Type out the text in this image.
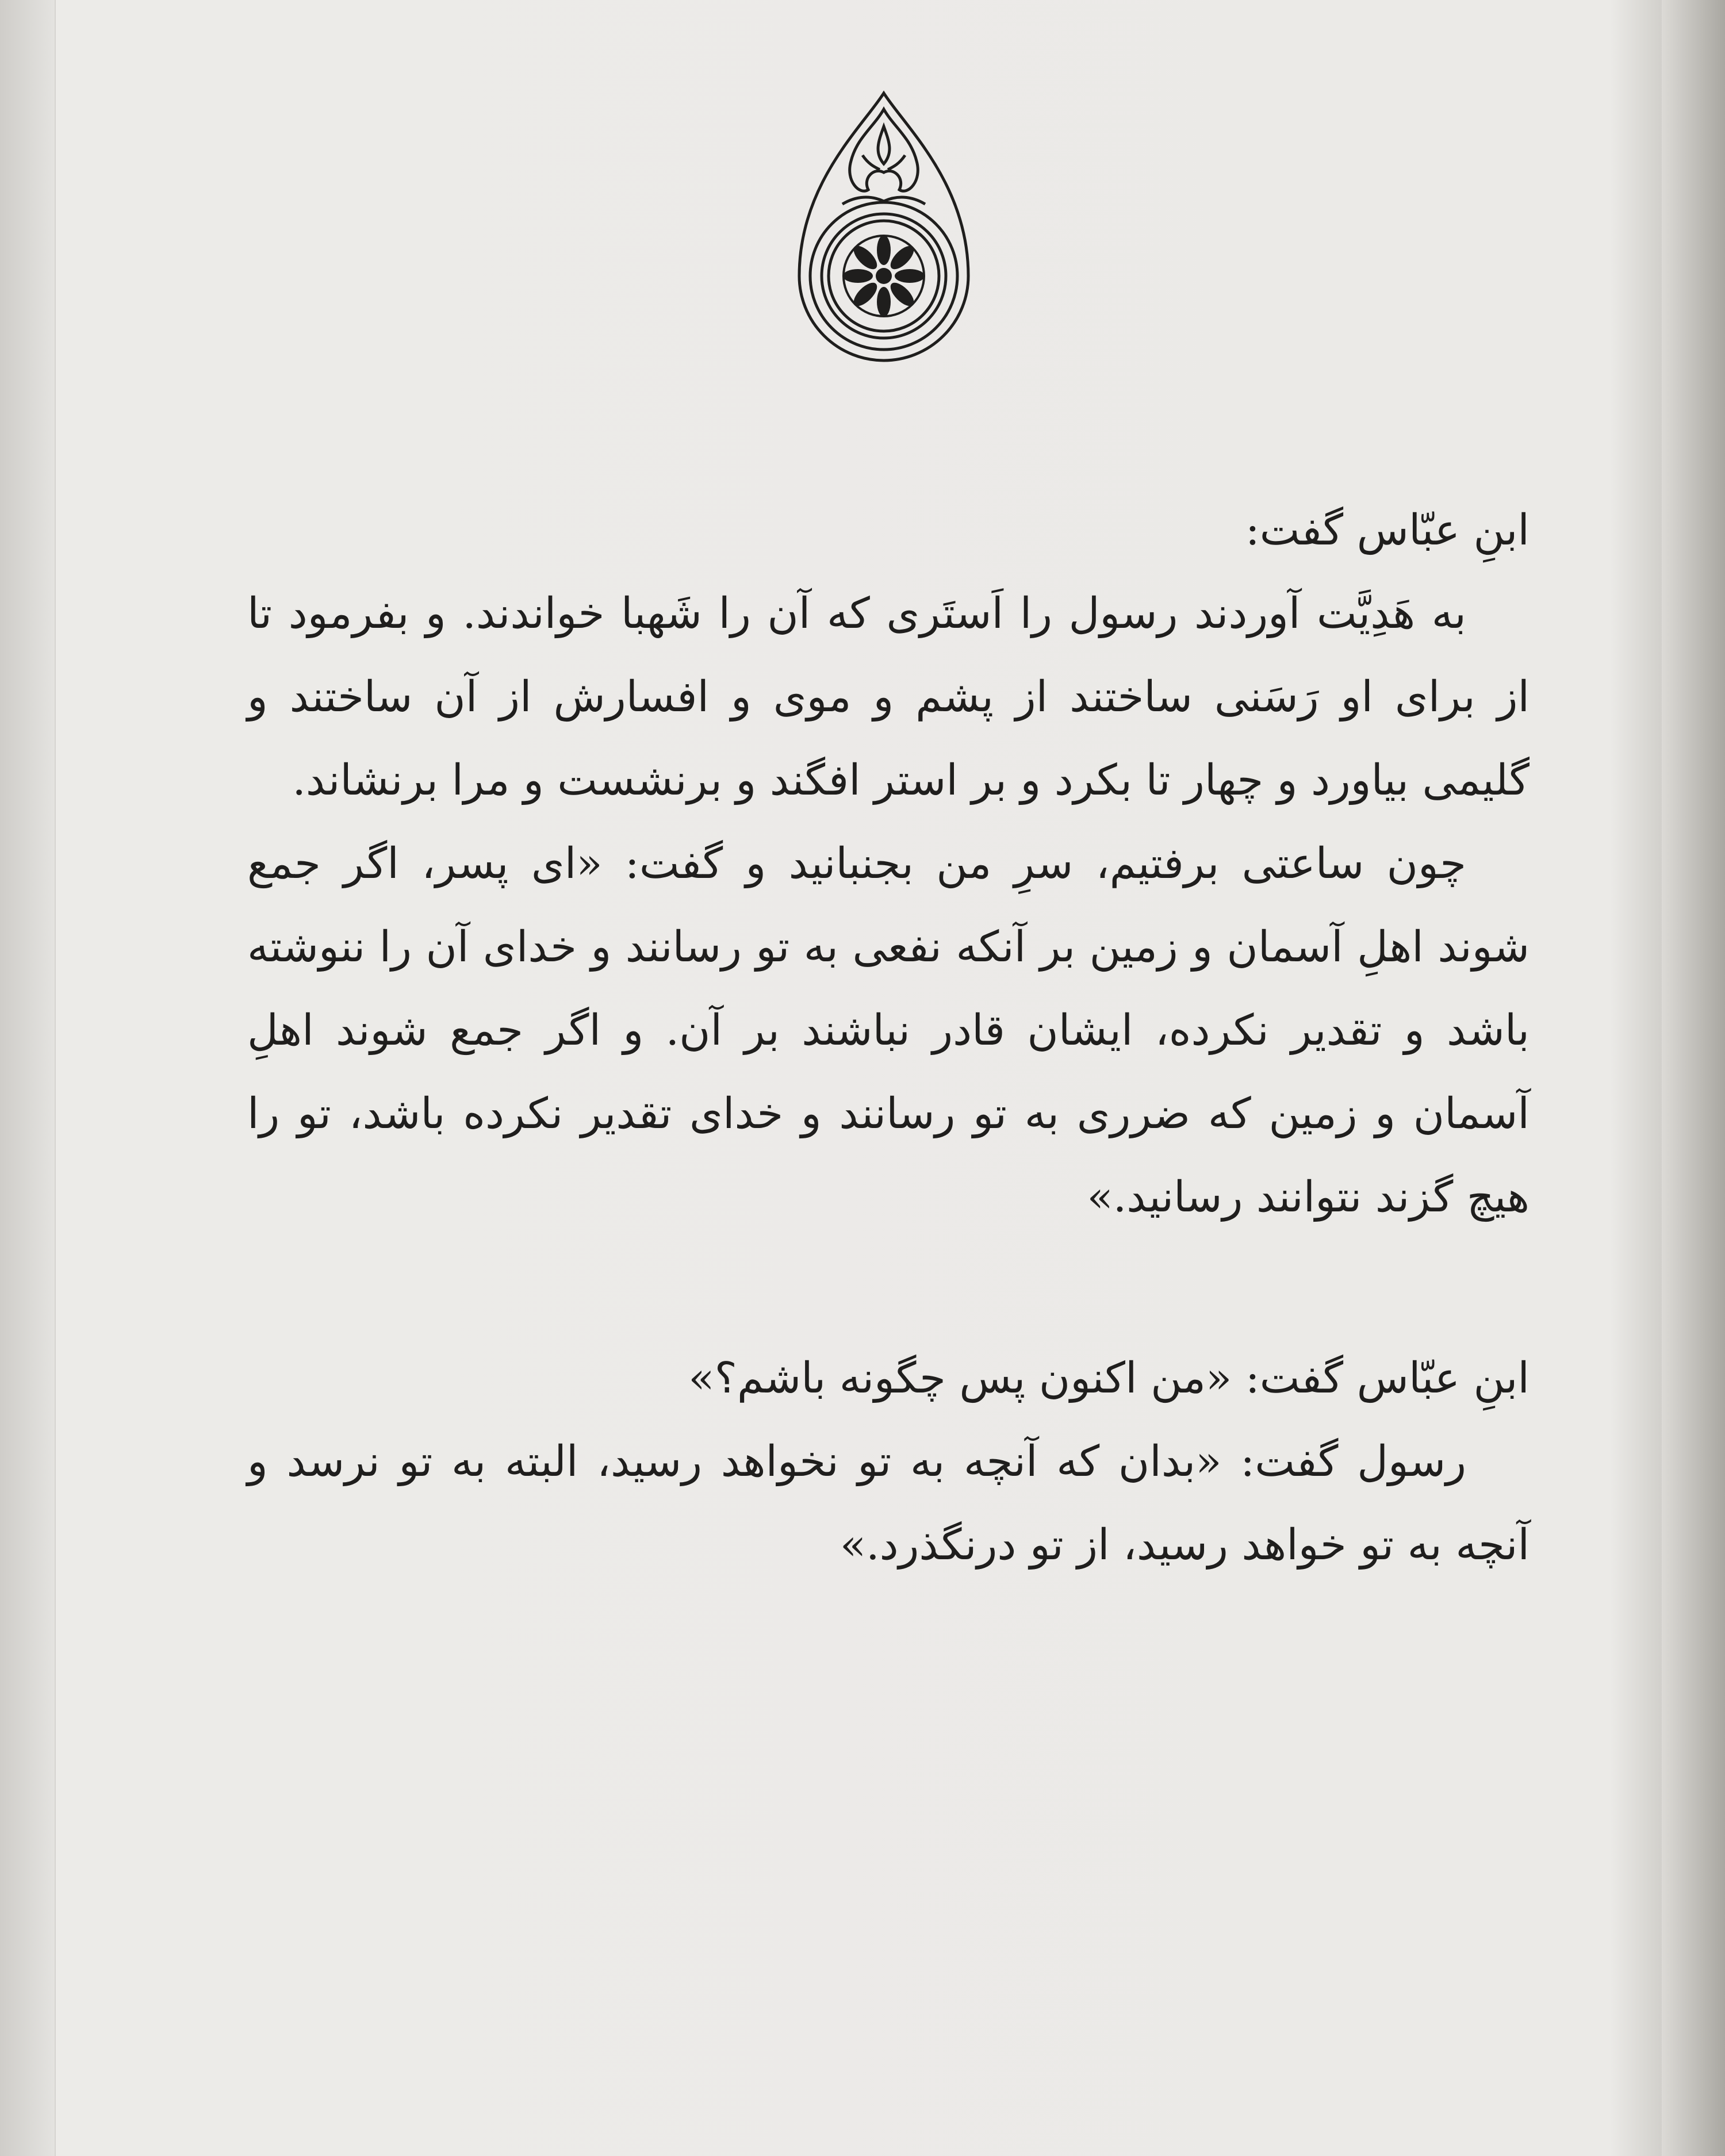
ابنِ عبّاس گفت:

به هَدِیَّت آوردند رسول را اَستَری که آن را شَهبا خواندند. و بفرمود تا از برای او رَسَنی ساختند از پشم و موی و افسارش از آن ساختند و گلیمی بیاورد و چهار تا بکرد و بر استر افگند و برنشست و مرا برنشاند.

چون ساعتی برفتیم، سرِ من بجنبانید و گفت: «ای پسر، اگر جمع شوند اهلِ آسمان و زمین بر آنکه نفعی به تو رسانند و خدای آن را ننوشته باشد و تقدیر نکرده، ایشان قادر نباشند بر آن. و اگر جمع شوند اهلِ آسمان و زمین که ضرری به تو رسانند و خدای تقدیر نکرده باشد، تو را هیچ گزند نتوانند رسانید.»

ابنِ عبّاس گفت: «من اکنون پس چگونه باشم؟»

رسول گفت: «بدان که آنچه به تو نخواهد رسید، البته به تو نرسد و آنچه به تو خواهد رسید، از تو درنگذرد.»
